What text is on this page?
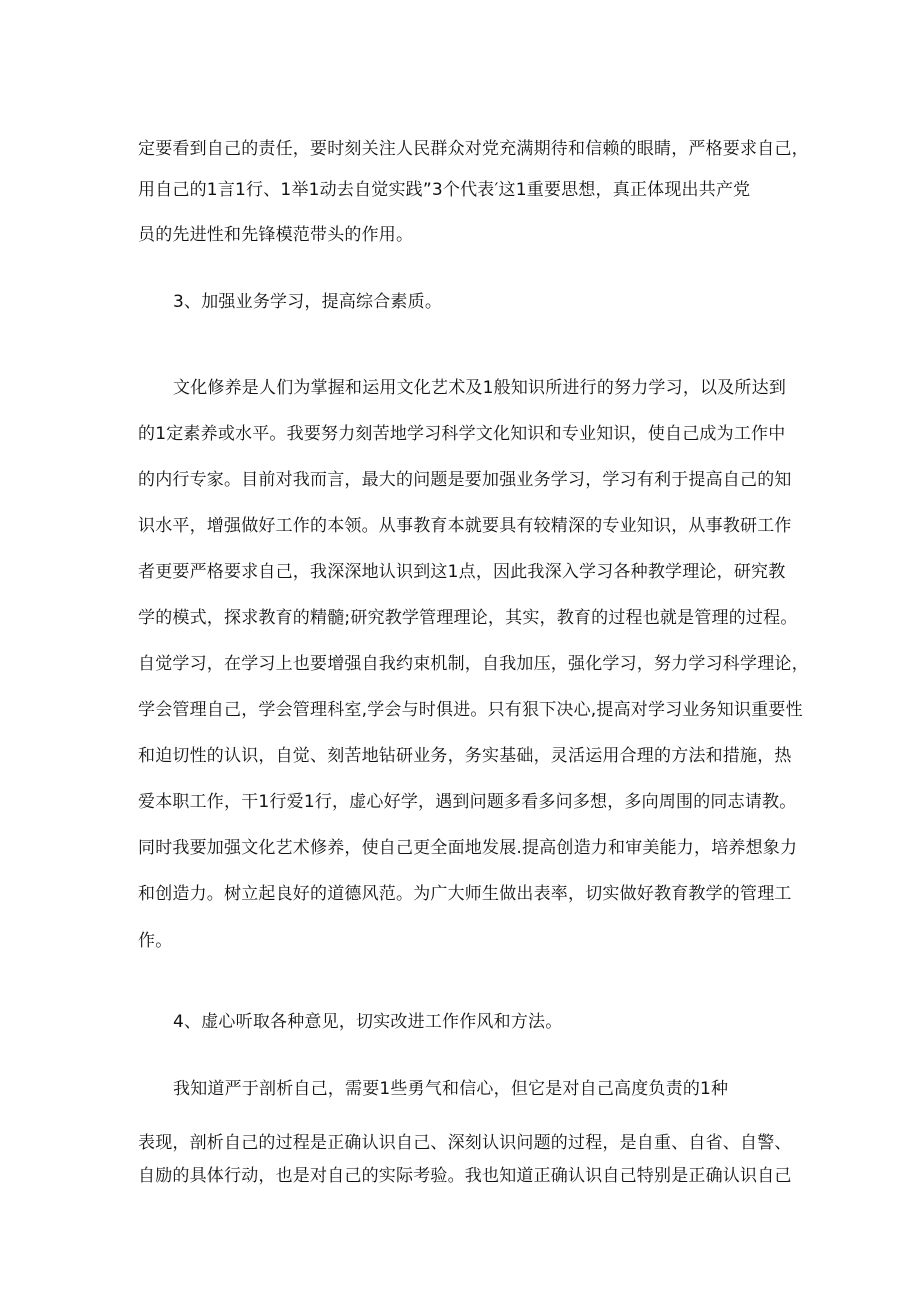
定要看到自己的责任，要时刻关注人民群众对党充满期待和信赖的眼睛，严格要求自己，
用自己的1言1行、1举1动去自觉实践”3个代表′这1重要思想，真正体现出共产党
员的先进性和先锋模范带头的作用。
3、加强业务学习，提高综合素质。
文化修养是人们为掌握和运用文化艺术及1般知识所进行的努力学习，以及所达到
的1定素养或水平。我要努力刻苦地学习科学文化知识和专业知识，使自己成为工作中
的内行专家。目前对我而言，最大的问题是要加强业务学习，学习有利于提高自己的知
识水平，增强做好工作的本领。从事教育本就要具有较精深的专业知识，从事教研工作
者更要严格要求自己，我深深地认识到这1点，因此我深入学习各种教学理论，研究教
学的模式，探求教育的精髓;研究教学管理理论，其实，教育的过程也就是管理的过程。
自觉学习，在学习上也要增强自我约束机制，自我加压，强化学习，努力学习科学理论，
学会管理自己，学会管理科室,学会与时俱进。只有狠下决心,提高对学习业务知识重要性
和迫切性的认识，自觉、刻苦地钻研业务，务实基础，灵活运用合理的方法和措施，热
爱本职工作，干1行爱1行，虚心好学，遇到问题多看多问多想，多向周围的同志请教。
同时我要加强文化艺术修养，使自己更全面地发展.提高创造力和审美能力，培养想象力
和创造力。树立起良好的道德风范。为广大师生做出表率，切实做好教育教学的管理工
作。
4、虚心听取各种意见，切实改进工作作风和方法。
我知道严于剖析自己，需要1些勇气和信心，但它是对自己高度负责的1种
表现，剖析自己的过程是正确认识自己、深刻认识问题的过程，是自重、自省、自警、
自励的具体行动，也是对自己的实际考验。我也知道正确认识自己特别是正确认识自己
